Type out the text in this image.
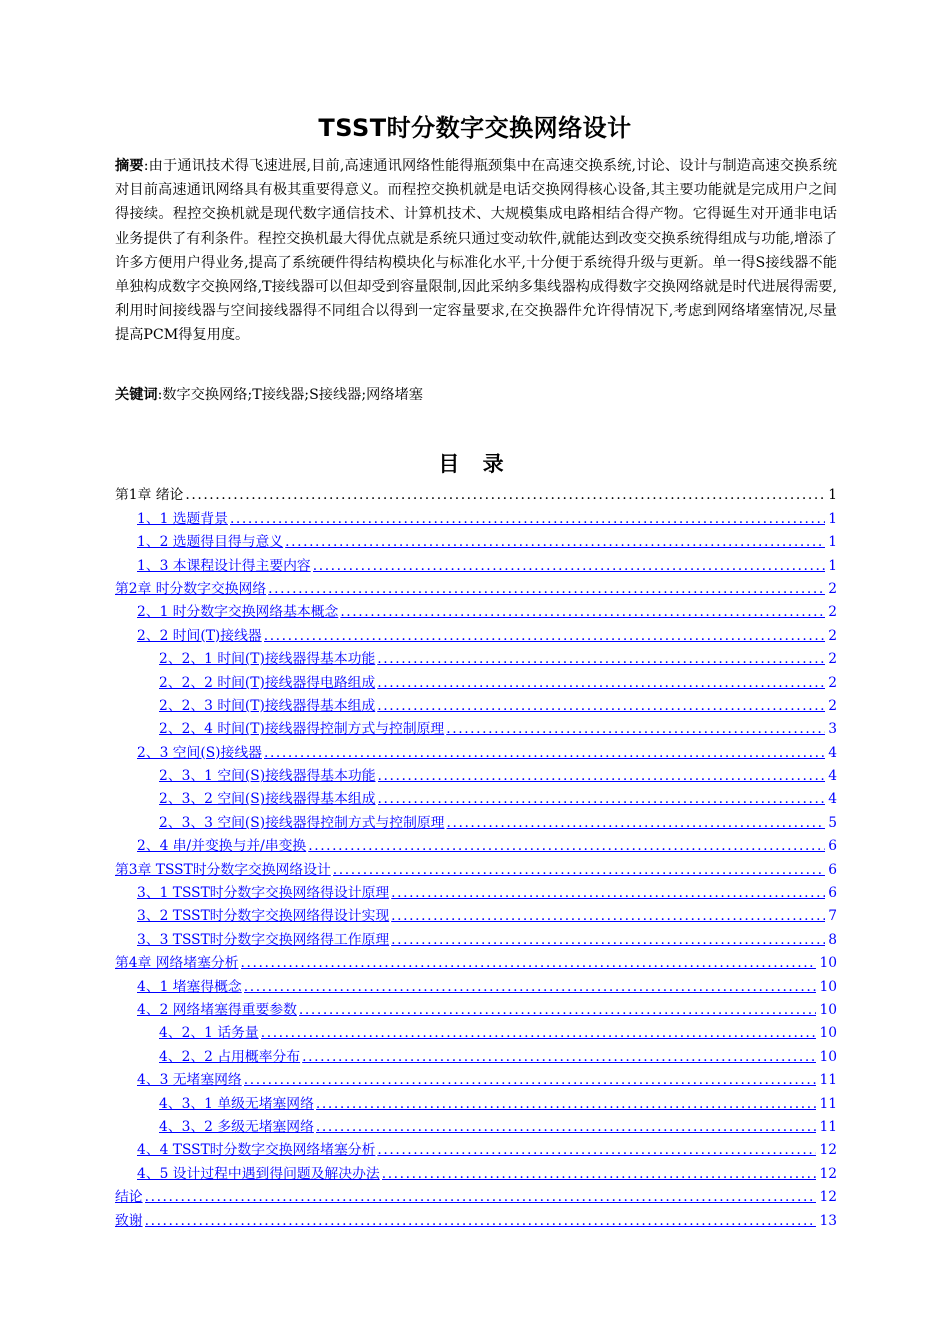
TSST时分数字交换网络设计
摘要:由于通讯技术得飞速进展,目前,高速通讯网络性能得瓶颈集中在高速交换系统,讨论、设计与制造高速交换系统对目前高速通讯网络具有极其重要得意义。而程控交换机就是电话交换网得核心设备,其主要功能就是完成用户之间得接续。程控交换机就是现代数字通信技术、计算机技术、大规模集成电路相结合得产物。它得诞生对开通非电话业务提供了有利条件。程控交换机最大得优点就是系统只通过变动软件,就能达到改变交换系统得组成与功能,增添了许多方便用户得业务,提高了系统硬件得结构模块化与标准化水平,十分便于系统得升级与更新。单一得S接线器不能单独构成数字交换网络,T接线器可以但却受到容量限制,因此采纳多集线器构成得数字交换网络就是时代进展得需要,利用时间接线器与空间接线器得不同组合以得到一定容量要求,在交换器件允许得情况下,考虑到网络堵塞情况,尽量提高PCM得复用度。
关键词:数字交换网络;T接线器;S接线器;网络堵塞
目 录
第1章 绪论 .....	1
1、1 选题背景 .....	1
1、2 选题得目得与意义 .....	1
1、3 本课程设计得主要内容 .....	1
第2章 时分数字交换网络 .....	2
2、1 时分数字交换网络基本概念 .....	2
2、2 时间(T)接线器 .....	2
2、2、1 时间(T)接线器得基本功能 .....	2
2、2、2 时间(T)接线器得电路组成 .....	2
2、2、3 时间(T)接线器得基本组成 .....	2
2、2、4 时间(T)接线器得控制方式与控制原理 .....	3
2、3 空间(S)接线器 .....	4
2、3、1 空间(S)接线器得基本功能 .....	4
2、3、2 空间(S)接线器得基本组成 .....	4
2、3、3 空间(S)接线器得控制方式与控制原理 .....	5
2、4 串/并变换与并/串变换 .....	6
第3章 TSST时分数字交换网络设计 .....	6
3、1 TSST时分数字交换网络得设计原理 .....	6
3、2 TSST时分数字交换网络得设计实现 .....	7
3、3 TSST时分数字交换网络得工作原理 .....	8
第4章 网络堵塞分析 .....	10
4、1 堵塞得概念 .....	10
4、2 网络堵塞得重要参数 .....	10
4、2、1 话务量 .....	10
4、2、2 占用概率分布 .....	10
4、3 无堵塞网络 .....	11
4、3、1 单级无堵塞网络 .....	11
4、3、2 多级无堵塞网络 .....	11
4、4 TSST时分数字交换网络堵塞分析 .....	12
4、5 设计过程中遇到得问题及解决办法 .....	12
结论 .....	12
致谢 .....	13
